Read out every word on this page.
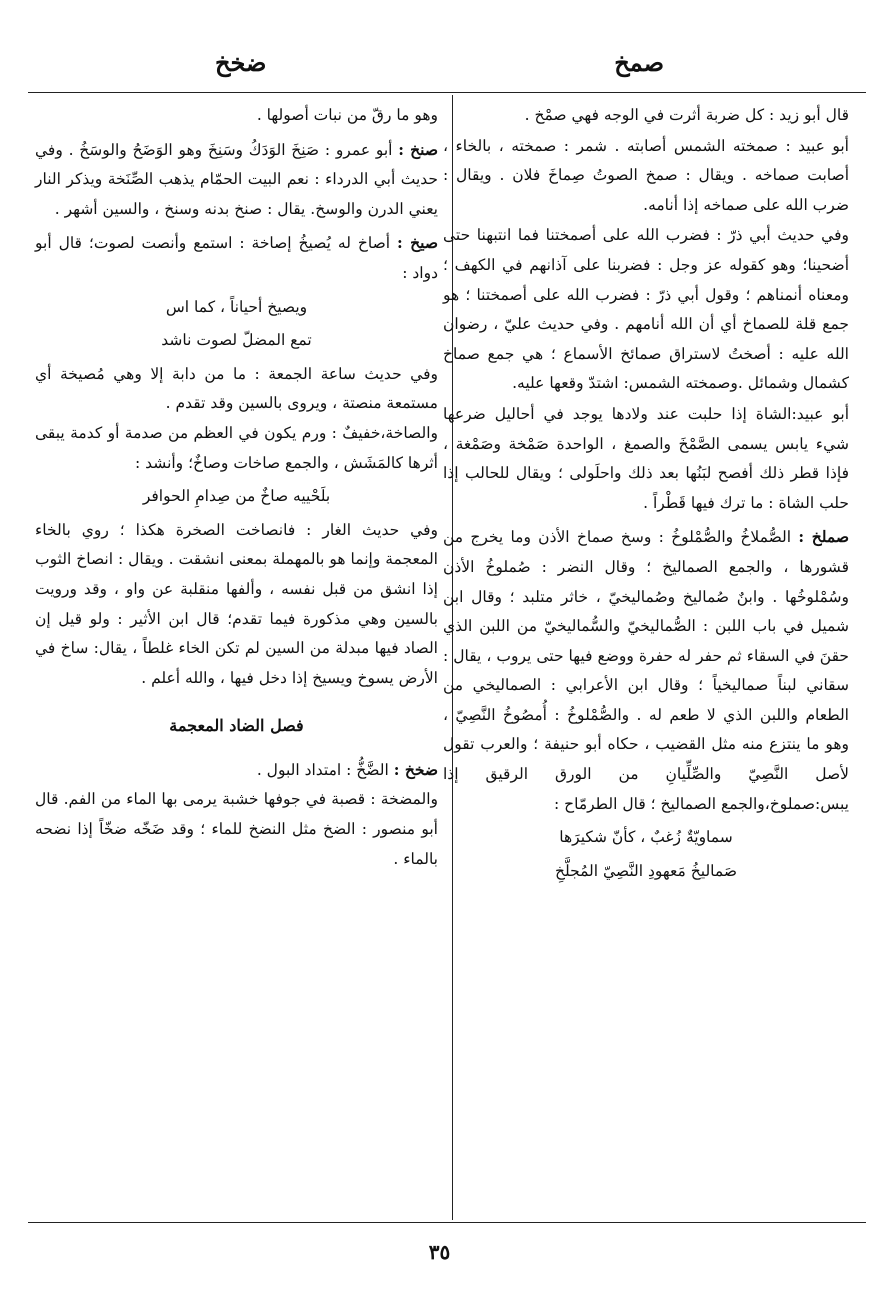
صمخ
ضخخ

قال أبو زيد : كل ضربة أثرت في الوجه فهي صمْخ .

أبو عبيد : صمخته الشمس أصابته . شمر : صمخته ، بالخاء ، أصابت صماخه . ويقال : صمخ الصوتُ صِماخَ فلان . ويقال : ضرب الله على صماخه إذا أنامه.

وفي حديث أبي ذرّ : فضرب الله على أصمختنا فما انتبهنا حتى أضحينا؛ وهو كقوله عز وجل : فضربنا على آذانهم في الكهف ؛ ومعناه أنمناهم ؛ وقول أبي ذرّ : فضرب الله على أصمختنا ؛ هو جمع قلة للصماخ أي أن الله أنامهم . وفي حديث عليّ ، رضوان الله عليه : أصختُ لاستراق صمائخ الأسماع ؛ هي جمع صماخ كشمال وشمائل .وصمخته الشمس: اشتدّ وقعها عليه.

أبو عبيد:الشاة إذا حلبت عند ولادها يوجد في أحاليل ضرعها شيء يابس يسمى الصَّمْخَ والصمغ ، الواحدة صَمْخة وصَمْغة ، فإذا قطر ذلك أفصح لبَنُها بعد ذلك واحلَولى ؛ ويقال للحالب إذا حلب الشاة : ما ترك فيها قَطْراً .

صملخ : الصُّملاخُ والصُّمْلوخُ : وسخ صماخ الأذن وما يخرج من قشورها ، والجمع الصماليخ ؛ وقال النضر : صُملوخُ الأذن وسُمْلوخُها . وابنٌ صُماليخ وصُماليخيّ ، خاثر متلبد ؛ وقال ابن شميل في باب اللبن : الصُّماليخيّ والسُّماليخيّ من اللبن الذي حقنَ في السقاء ثم حفر له حفرة ووضع فيها حتى يروب ، يقال : سقاني لبناً صماليخياً ؛ وقال ابن الأعرابي : الصماليخي من الطعام واللبن الذي لا طعم له . والصُّمْلوخُ : أُمصُوخُ النَّصِيّ ، وهو ما ينتزع منه مثل القضيب ، حكاه أبو حنيفة ؛ والعرب تقول لأصل النَّصِيّ والصِّلِّيانِ من الورق الرقيق إذا يبس:صملوخ،والجمع الصماليخ ؛ قال الطرمّاح :

سماويّةٌ زُغبٌ ، كأنّ شكيرَها
صَماليخُ مَعهودِ النَّصِيّ المُجلَّخِ

وهو ما رقّ من نبات أصولها .

صنخ : أبو عمرو : صَنِخَ الوَدَكُ وسَنِخَ وهو الوَضَحُ والوسَخُ . وفي حديث أبي الدرداء : نعم البيت الحمّام يذهب الصِّنَخة ويذكر النار يعني الدرن والوسخ. يقال : صنخ بدنه وسنخ ، والسين أشهر .

صيخ : أصاخ له يُصيخُ إصاخة : استمع وأنصت لصوت؛ قال أبو دواد :

ويصيخ أحياناً ، كما اس
تمع المضلّ لصوت ناشد

وفي حديث ساعة الجمعة : ما من دابة إلا وهي مُصيخة أي مستمعة منصتة ، ويروى بالسين وقد تقدم .

والصاخة،خفيفٌ : ورم يكون في العظم من صدمة أو كدمة يبقى أثرها كالمَشَش ، والجمع صاخات وصاخٌ؛ وأنشد :

بلَحْييه صاخٌ من صِدامِ الحوافر

وفي حديث الغار : فانصاخت الصخرة هكذا ؛ روي بالخاء المعجمة وإنما هو بالمهملة بمعنى انشقت . ويقال : انصاخ الثوب إذا انشق من قبل نفسه ، وألفها منقلبة عن واو ، وقد ورويت بالسين وهي مذكورة فيما تقدم؛ قال ابن الأثير : ولو قيل إن الصاد فيها مبدلة من السين لم تكن الخاء غلطاً ، يقال: ساخ في الأرض يسوخ ويسيخ إذا دخل فيها ، والله أعلم .

فصل الضاد المعجمة

ضخخ : الضَّخُّ : امتداد البول .

والمضخة : قصبة في جوفها خشبة يرمى بها الماء من الفم. قال أبو منصور : الضخ مثل النضخ للماء ؛ وقد ضَخّه ضخّاً إذا نضحه بالماء .

٣٥
